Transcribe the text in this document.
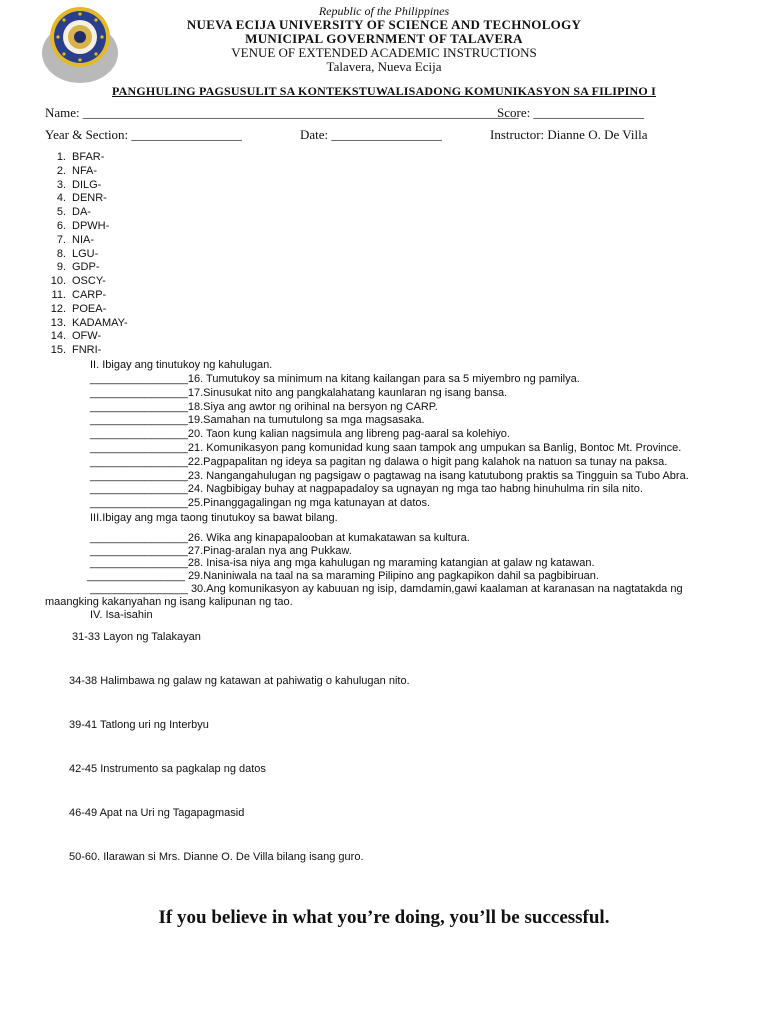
Republic of the Philippines
NUEVA ECIJA UNIVERSITY OF SCIENCE AND TECHNOLOGY
MUNICIPAL GOVERNMENT OF TALAVERA
VENUE OF EXTENDED ACADEMIC INSTRUCTIONS
Talavera, Nueva Ecija
PANGHULING PAGSUSULIT SA KONTEKSTUWALISADONG KOMUNIKASYON SA FILIPINO I
Name: ___________________________________________________________________
Score: _________________
Year & Section: _________________	Date: _________________	Instructor: Dianne O. De Villa
1. BFAR-
2. NFA-
3. DILG-
4. DENR-
5. DA-
6. DPWH-
7. NIA-
8. LGU-
9. GDP-
10. OSCY-
11. CARP-
12. POEA-
13. KADAMAY-
14. OFW-
15. FNRI-
II. Ibigay ang tinutukoy ng kahulugan.
________________16. Tumutukoy sa minimum na kitang kailangan para sa 5 miyembro ng pamilya.
________________17.Sinusukat nito ang pangkalahatang kaunlaran ng isang bansa.
________________18.Siya ang awtor ng orihinal na bersyon ng CARP.
________________19.Samahan na tumutulong sa mga magsasaka.
________________20. Taon kung kalian nagsimula ang libreng pag-aaral sa kolehiyo.
________________21. Komunikasyon pang komunidad kung saan tampok ang umpukan sa Banlig, Bontoc Mt. Province.
________________22.Pagpapalitan ng ideya sa pagitan ng dalawa o higit pang kalahok na natuon sa tunay na paksa.
________________23. Nangangahulugan ng pagsigaw o pagtawag na isang katutubong praktis sa Tingguin sa Tubo Abra.
________________24. Nagbibigay buhay at nagpapadaloy sa ugnayan ng mga tao habng hinuhulma rin sila nito.
________________25.Pinanggagalingan ng mga katunayan at datos.
III.Ibigay ang mga taong tinutukoy sa bawat bilang.
________________26. Wika ang kinapapalooban at kumakatawan sa kultura.
________________27.Pinag-aralan nya ang Pukkaw.
________________28. Inisa-isa niya ang mga kahulugan ng maraming katangian at galaw ng katawan.
________________ 29.Naniniwala na taal na sa maraming Pilipino ang pagkapikon dahil sa pagbibiruan.
________________ 30.Ang komunikasyon ay kabuuan ng isip, damdamin,gawi kaalaman at karanasan na nagtatakda ng
maangking kakanyahan ng isang kalipunan ng tao.
IV. Isa-isahin
31-33 Layon ng Talakayan
34-38 Halimbawa ng galaw ng katawan at pahiwatig o kahulugan nito.
39-41 Tatlong uri ng Interbyu
42-45 Instrumento sa pagkalap ng datos
46-49 Apat na Uri ng Tagapagmasid
50-60. Ilarawan si Mrs. Dianne O. De Villa bilang isang guro.
If you believe in what you’re doing, you’ll be successful.
